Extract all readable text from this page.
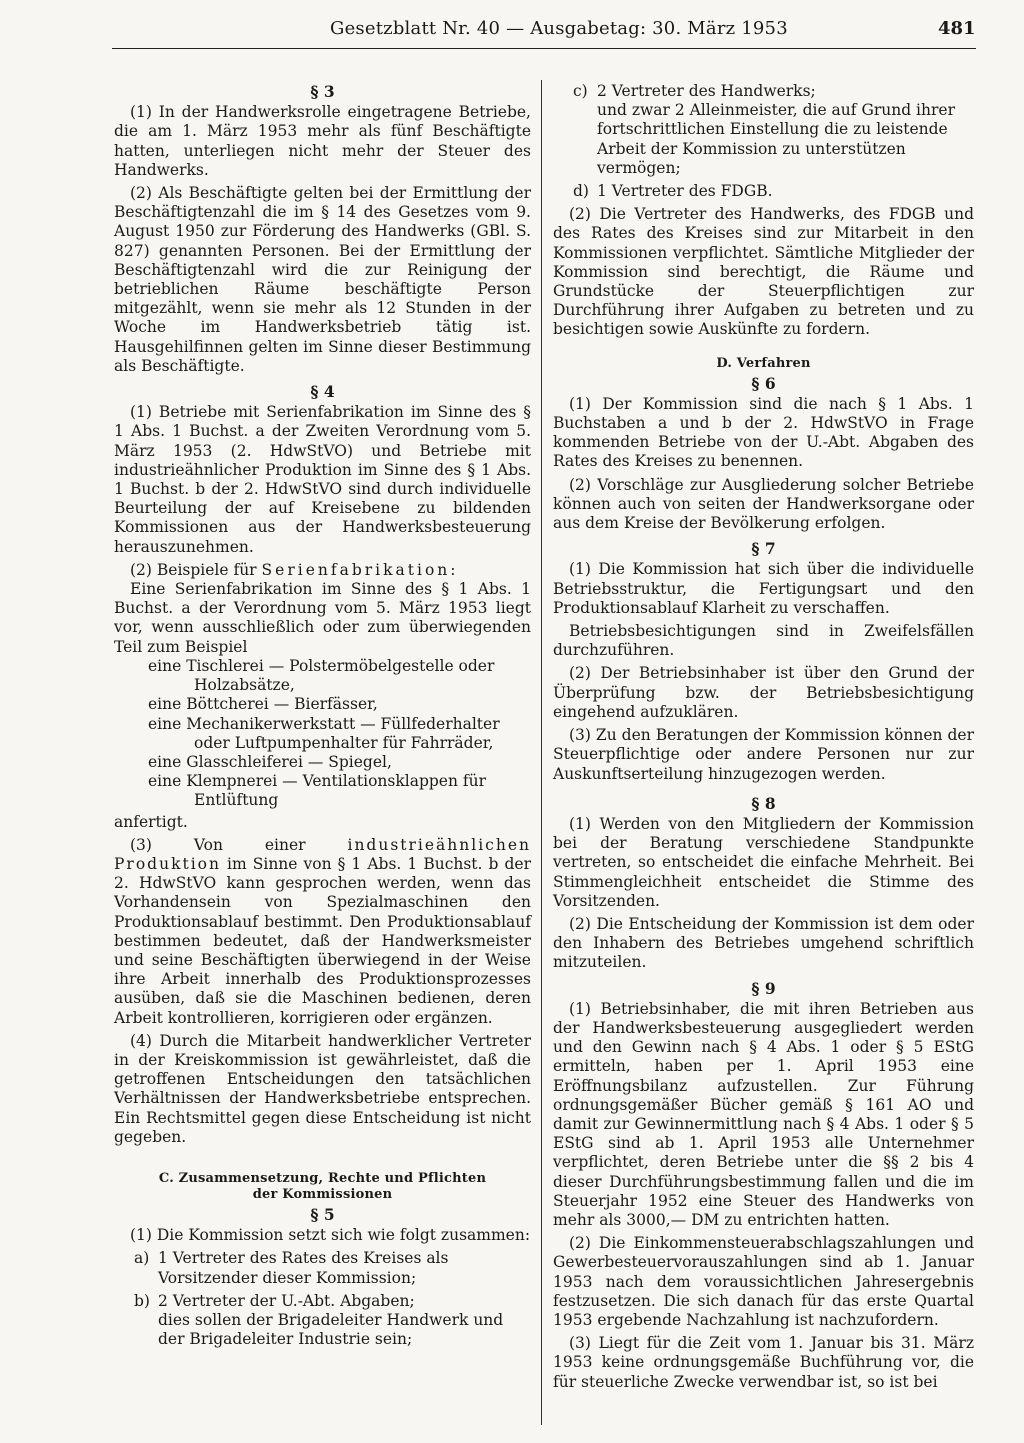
Gesetzblatt Nr. 40 — Ausgabetag: 30. März 1953	481
§ 3

(1) In der Handwerksrolle eingetragene Betriebe, die am 1. März 1953 mehr als fünf Beschäftigte hatten, unterliegen nicht mehr der Steuer des Handwerks.

(2) Als Beschäftigte gelten bei der Ermittlung der Beschäftigtenzahl die im § 14 des Gesetzes vom 9. August 1950 zur Förderung des Handwerks (GBl. S. 827) genannten Personen. Bei der Ermittlung der Beschäftigtenzahl wird die zur Reinigung der betrieblichen Räume beschäftigte Person mitgezählt, wenn sie mehr als 12 Stunden in der Woche im Handwerksbetrieb tätig ist. Hausgehilfinnen gelten im Sinne dieser Bestimmung als Beschäftigte.

§ 4

(1) Betriebe mit Serienfabrikation im Sinne des § 1 Abs. 1 Buchst. a der Zweiten Verordnung vom 5. März 1953 (2. HdwStVO) und Betriebe mit industrieähnlicher Produktion im Sinne des § 1 Abs. 1 Buchst. b der 2. HdwStVO sind durch individuelle Beurteilung der auf Kreisebene zu bildenden Kommissionen aus der Handwerksbesteuerung herauszunehmen.

(2) Beispiele für Serienfabrikation:

Eine Serienfabrikation im Sinne des § 1 Abs. 1 Buchst. a der Verordnung vom 5. März 1953 liegt vor, wenn ausschließlich oder zum überwiegenden Teil zum Beispiel

eine Tischlerei — Polstermöbelgestelle oder
Holzabsätze,

eine Böttcherei — Bierfässer,

eine Mechanikerwerkstatt — Füllfederhalter
oder Luftpumpenhalter für Fahrräder,

eine Glasschleiferei — Spiegel,

eine Klempnerei — Ventilationsklappen für
Entlüftung

anfertigt.

(3) Von einer	industrieähnlichen Produktion im Sinne von § 1 Abs. 1 Buchst. b der 2. HdwStVO kann gesprochen werden, wenn das Vorhandensein von Spezialmaschinen den Produktionsablauf bestimmt. Den Produktionsablauf bestimmen bedeutet, daß der Handwerksmeister und seine Beschäftigten überwiegend in der Weise ihre Arbeit innerhalb des Produktionsprozesses ausüben, daß sie die Maschinen bedienen, deren Arbeit kontrollieren, korrigieren oder ergänzen.

(4) Durch die Mitarbeit handwerklicher Vertreter in der Kreiskommission ist gewährleistet, daß die getroffenen Entscheidungen den tatsächlichen Verhältnissen der Handwerksbetriebe entsprechen. Ein Rechtsmittel gegen diese Entscheidung ist nicht gegeben.

C. Zusammensetzung, Rechte und Pflichten
der Kommissionen
§ 5

(1) Die Kommission setzt sich wie folgt zusammen:

a) 1 Vertreter des Rates des Kreises als Vorsitzender dieser Kommission;
b) 2 Vertreter der U.-Abt. Abgaben;
dies sollen der Brigadeleiter Handwerk und der Brigadeleiter Industrie sein;
c) 2 Vertreter des Handwerks;
und zwar 2 Alleinmeister, die auf Grund ihrer fortschrittlichen Einstellung die zu leistende Arbeit der Kommission zu unterstützen vermögen;
d) 1 Vertreter des FDGB.

(2) Die Vertreter des Handwerks, des FDGB und des Rates des Kreises sind zur Mitarbeit in den Kommissionen verpflichtet. Sämtliche Mitglieder der Kommission sind berechtigt, die Räume und Grundstücke der Steuerpflichtigen zur Durchführung ihrer Aufgaben zu betreten und zu besichtigen sowie Auskünfte zu fordern.

D. Verfahren
§ 6

(1) Der Kommission sind die nach § 1 Abs. 1 Buchstaben a und b der 2. HdwStVO in Frage kommenden Betriebe von der U.-Abt. Abgaben des Rates des Kreises zu benennen.

(2) Vorschläge zur Ausgliederung solcher Betriebe können auch von seiten der Handwerksorgane oder aus dem Kreise der Bevölkerung erfolgen.

§ 7

(1) Die Kommission hat sich über die individuelle Betriebsstruktur, die Fertigungsart und den Produktionsablauf Klarheit zu verschaffen.

Betriebsbesichtigungen sind in Zweifelsfällen durchzuführen.

(2) Der Betriebsinhaber ist über den Grund der Überprüfung bzw. der Betriebsbesichtigung eingehend aufzuklären.

(3) Zu den Beratungen der Kommission können der Steuerpflichtige oder andere Personen nur zur Auskunftserteilung hinzugezogen werden.

§ 8

(1) Werden von den Mitgliedern der Kommission bei der Beratung verschiedene Standpunkte vertreten, so entscheidet die einfache Mehrheit. Bei Stimmengleichheit entscheidet die Stimme des Vorsitzenden.

(2) Die Entscheidung der Kommission ist dem oder den Inhabern des Betriebes umgehend schriftlich mitzuteilen.

§ 9

(1) Betriebsinhaber, die mit ihren Betrieben aus der Handwerksbesteuerung ausgegliedert werden und den Gewinn nach § 4 Abs. 1 oder § 5 EStG ermitteln, haben per 1. April 1953 eine Eröffnungsbilanz aufzustellen. Zur Führung ordnungsgemäßer Bücher gemäß § 161 AO und damit zur Gewinnermittlung nach § 4 Abs. 1 oder § 5 EStG sind ab 1. April 1953 alle Unternehmer verpflichtet, deren Betriebe unter die §§ 2 bis 4 dieser Durchführungsbestimmung fallen und die im Steuerjahr 1952 eine Steuer des Handwerks von mehr als 3000,— DM zu entrichten hatten.

(2) Die Einkommensteuerabschlagszahlungen und Gewerbesteuervorauszahlungen sind ab 1. Januar 1953 nach dem voraussichtlichen Jahresergebnis festzusetzen. Die sich danach für das erste Quartal 1953 ergebende Nachzahlung ist nachzufordern.

(3) Liegt für die Zeit vom 1. Januar bis 31. März 1953 keine ordnungsgemäße Buchführung vor, die für steuerliche Zwecke verwendbar ist, so ist bei
